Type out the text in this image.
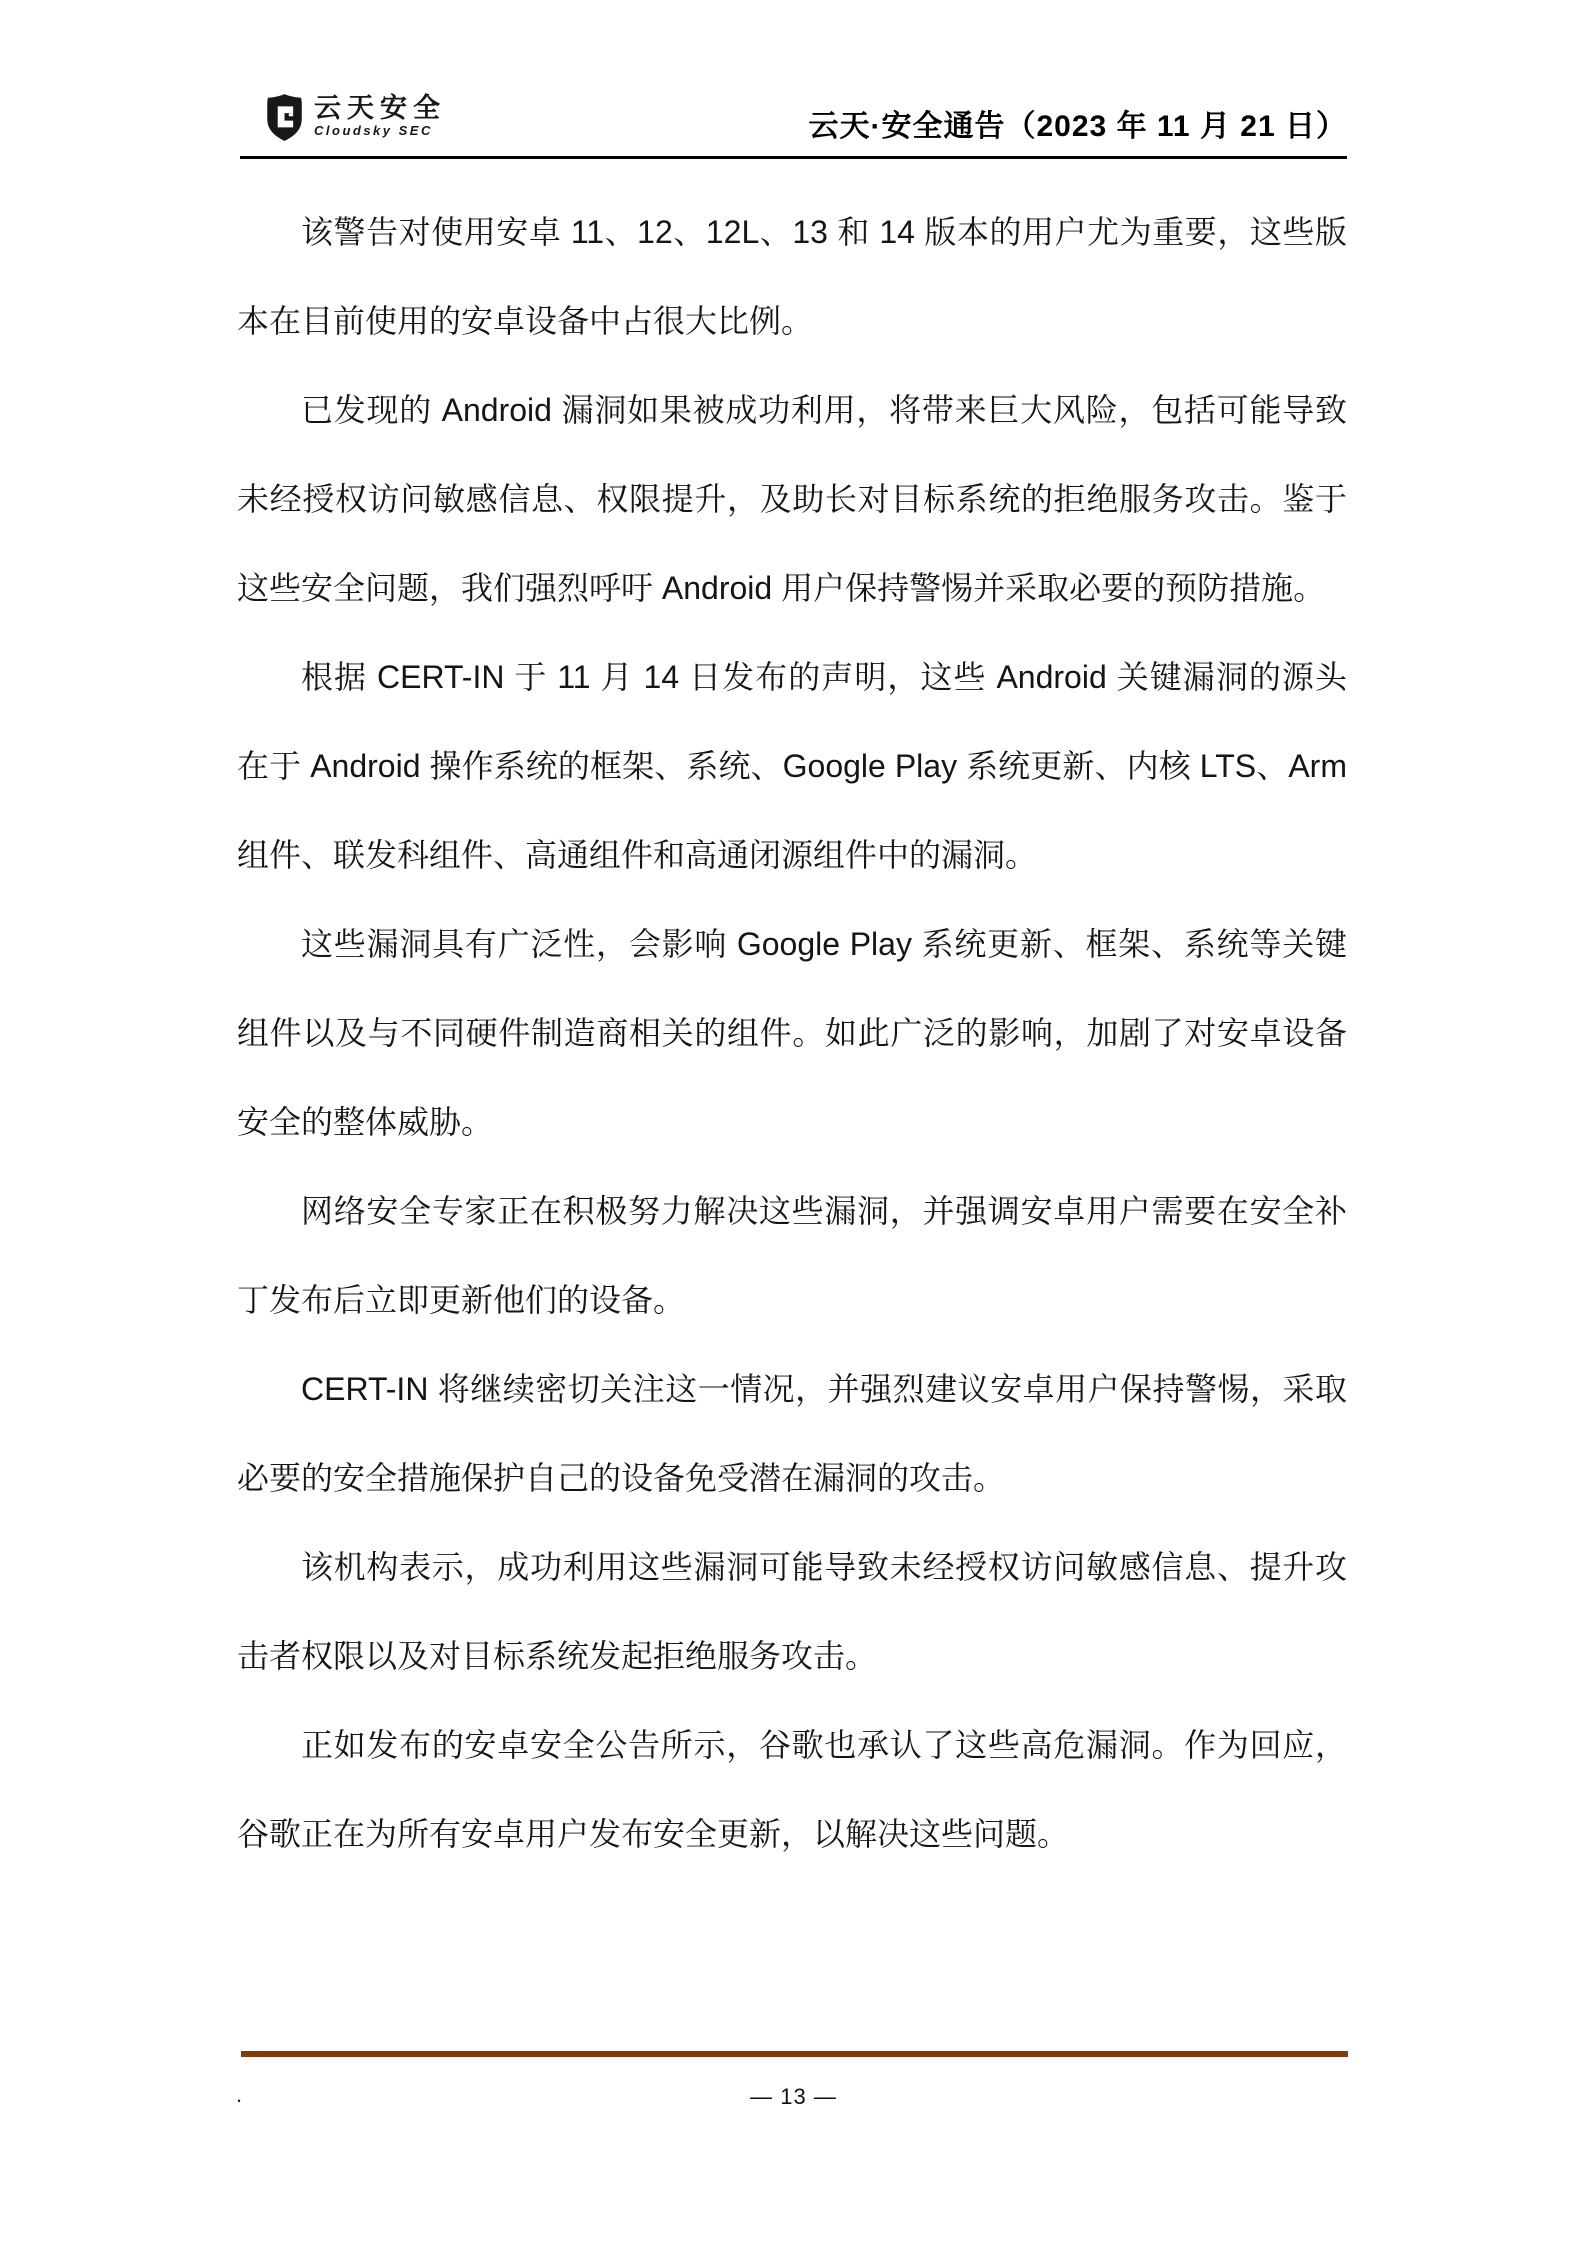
云天安全
Cloudsky SEC	云天·安全通告（2023 年 11 月 21 日）
该警告对使用安卓 11、12、12L、13 和 14 版本的用户尤为重要，这些版
本在目前使用的安卓设备中占很大比例。
已发现的 Android 漏洞如果被成功利用，将带来巨大风险，包括可能导致
未经授权访问敏感信息、权限提升，及助长对目标系统的拒绝服务攻击。鉴于
这些安全问题，我们强烈呼吁 Android 用户保持警惕并采取必要的预防措施。
根据 CERT-IN 于 11 月 14 日发布的声明，这些 Android 关键漏洞的源头
在于 Android 操作系统的框架、系统、Google Play 系统更新、内核 LTS、Arm
组件、联发科组件、高通组件和高通闭源组件中的漏洞。
这些漏洞具有广泛性，会影响 Google Play 系统更新、框架、系统等关键
组件以及与不同硬件制造商相关的组件。如此广泛的影响，加剧了对安卓设备
安全的整体威胁。
网络安全专家正在积极努力解决这些漏洞，并强调安卓用户需要在安全补
丁发布后立即更新他们的设备。
CERT-IN 将继续密切关注这一情况，并强烈建议安卓用户保持警惕，采取
必要的安全措施保护自己的设备免受潜在漏洞的攻击。
该机构表示，成功利用这些漏洞可能导致未经授权访问敏感信息、提升攻
击者权限以及对目标系统发起拒绝服务攻击。
正如发布的安卓安全公告所示，谷歌也承认了这些高危漏洞。作为回应，
谷歌正在为所有安卓用户发布安全更新，以解决这些问题。
.	— 13 —
